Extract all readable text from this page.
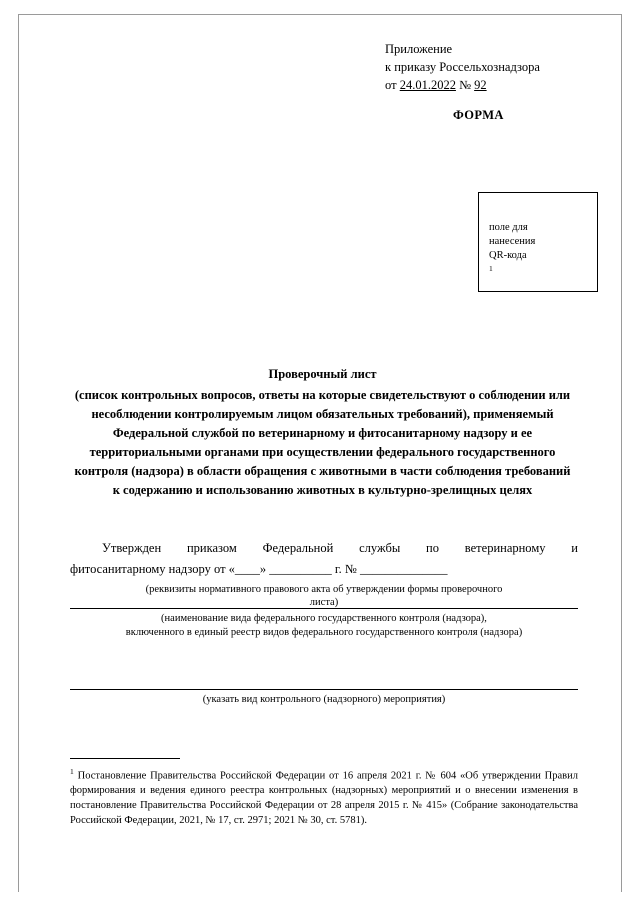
Приложение
к приказу Россельхознадзора
от 24.01.2022 № 92
ФОРМА
поле для
нанесения
QR-кода
$^1$
Проверочный лист
(список контрольных вопросов, ответы на которые свидетельствуют о соблюдении или несоблюдении контролируемым лицом обязательных требований), применяемый Федеральной службой по ветеринарному и фитосанитарному надзору и ее территориальными органами при осуществлении федерального государственного контроля (надзора) в области обращения с животными в части соблюдения требований к содержанию и использованию животных в культурно-зрелищных целях

Утвержден приказом Федеральной службы по ветеринарному и

фитосанитарному надзору от «____» __________ г. № ______________

(реквизиты нормативного правового акта об утверждении формы проверочного
листа)
(наименование вида федерального государственного контроля (надзора),
включенного в единый реестр видов федерального государственного контроля (надзора)
(указать вид контрольного (надзорного) мероприятия)
$^1$ Постановление Правительства Российской Федерации от 16 апреля 2021 г. № 604 «Об утверждении Правил формирования и ведения единого реестра контрольных (надзорных) мероприятий и о внесении изменения в постановление Правительства Российской Федерации от 28 апреля 2015 г. № 415» (Собрание законодательства Российской Федерации, 2021, № 17, ст. 2971; 2021 № 30, ст. 5781).
